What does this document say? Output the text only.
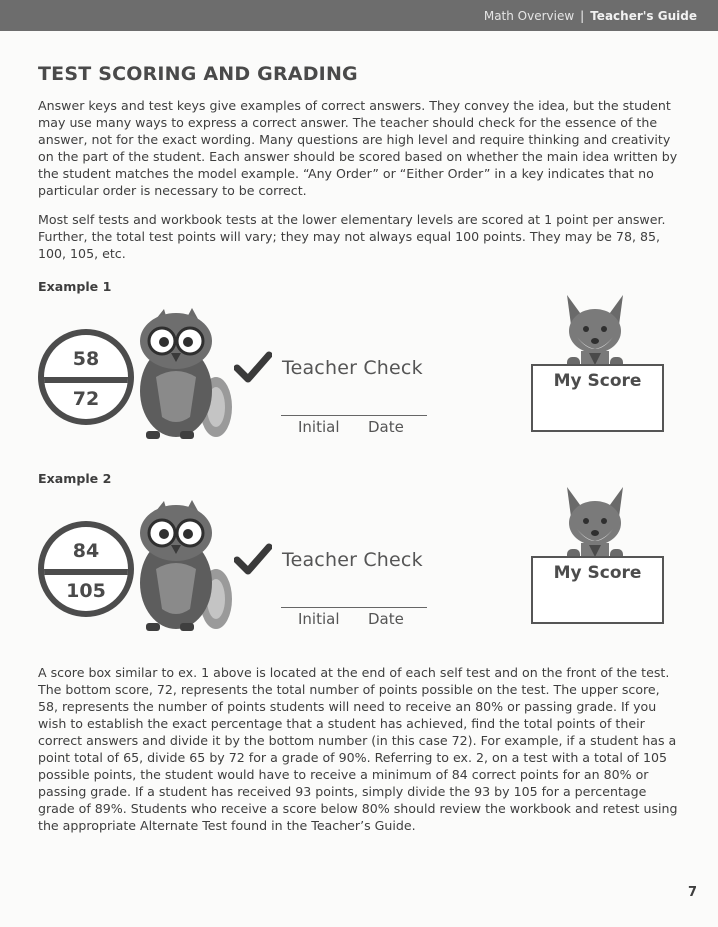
Math Overview | Teacher's Guide
TEST SCORING AND GRADING

Answer keys and test keys give examples of correct answers. They convey the idea, but the student may use many ways to express a correct answer. The teacher should check for the essence of the answer, not for the exact wording. Many questions are high level and require thinking and creativity on the part of the student. Each answer should be scored based on whether the main idea written by the student matches the model example. “Any Order” or “Either Order” in a key indicates that no particular order is necessary to be correct.

Most self tests and workbook tests at the lower elementary levels are scored at 1 point per answer. Further, the total test points will vary; they may not always equal 100 points. They may be 78, 85, 100, 105, etc.

Example 1

58
72
Teacher Check
Initial Date
My Score

Example 2

84
105
Teacher Check
Initial Date
My Score

A score box similar to ex. 1 above is located at the end of each self test and on the front of the test. The bottom score, 72, represents the total number of points possible on the test. The upper score, 58, represents the number of points students will need to receive an 80% or passing grade. If you wish to establish the exact percentage that a student has achieved, find the total points of their correct answers and divide it by the bottom number (in this case 72). For example, if a student has a point total of 65, divide 65 by 72 for a grade of 90%. Referring to ex. 2, on a test with a total of 105 possible points, the student would have to receive a minimum of 84 correct points for an 80% or passing grade. If a student has received 93 points, simply divide the 93 by 105 for a percentage grade of 89%. Students who receive a score below 80% should review the workbook and retest using the appropriate Alternate Test found in the Teacher’s Guide.

7
